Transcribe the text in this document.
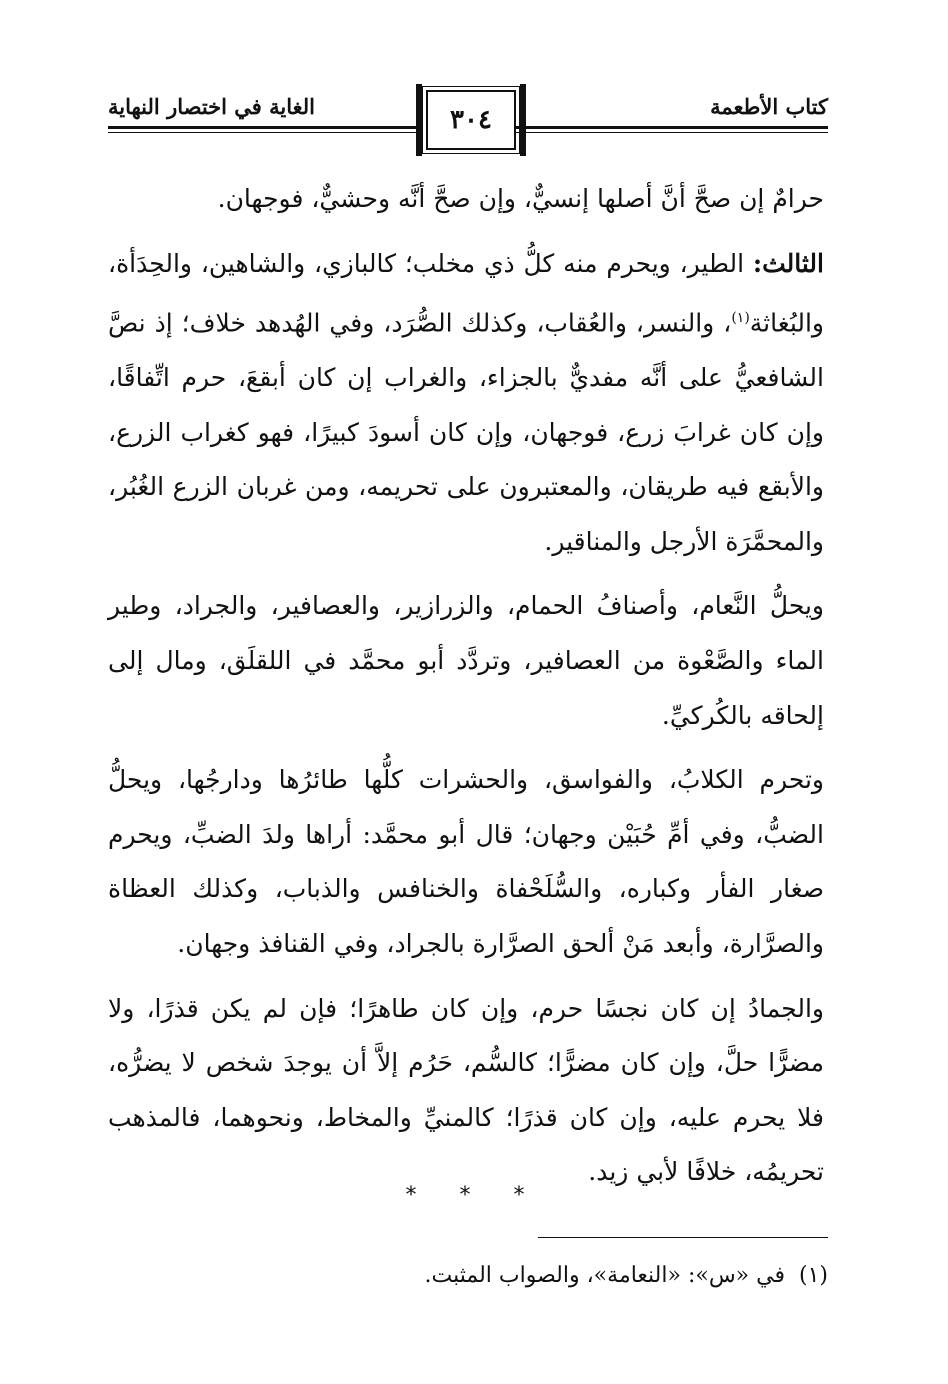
الغاية في اختصار النهاية	٣٠٤	كتاب الأطعمة

حرامٌ إن صحَّ أنَّ أصلها إنسيٌّ، وإن صحَّ أنَّه وحشيٌّ، فوجهان.

الثالث: الطير، ويحرم منه كلُّ ذي مخلب؛ كالبازي، والشاهين، والحِدَأة، والبُغاثة$^{(١)}$، والنسر، والعُقاب، وكذلك الصُّرَد، وفي الهُدهد خلاف؛ إذ نصَّ الشافعيُّ على أنَّه مفديٌّ بالجزاء، والغراب إن كان أبقعَ، حرم اتِّفاقًا، وإن كان غرابَ زرع، فوجهان، وإن كان أسودَ كبيرًا، فهو كغراب الزرع، والأبقع فيه طريقان، والمعتبرون على تحريمه، ومن غربان الزرع الغُبُر، والمحمَّرَة الأرجل والمناقير.

ويحلُّ النَّعام، وأصنافُ الحمام، والزرازير، والعصافير، والجراد، وطير الماء والصَّعْوة من العصافير، وتردَّد أبو محمَّد في اللقلَق، ومال إلى إلحاقه بالكُركيِّ.

وتحرم الكلابُ، والفواسق، والحشرات كلُّها طائرُها ودارجُها، ويحلُّ الضبُّ، وفي أمِّ حُبَيْن وجهان؛ قال أبو محمَّد: أراها ولدَ الضبِّ، ويحرم صغار الفأر وكباره، والسُّلَحْفاة والخنافس والذباب، وكذلك العظاة والصرَّارة، وأبعد مَنْ ألحق الصرَّارة بالجراد، وفي القنافذ وجهان.

والجمادُ إن كان نجسًا حرم، وإن كان طاهرًا؛ فإن لم يكن قذرًا، ولا مضرًّا حلَّ، وإن كان مضرًّا؛ كالسُّم، حَرُم إلاَّ أن يوجدَ شخص لا يضرُّه، فلا يحرم عليه، وإن كان قذرًا؛ كالمنيِّ والمخاط، ونحوهما، فالمذهب تحريمُه، خلافًا لأبي زيد.

* * *
(١)في «س»: «النعامة»، والصواب المثبت.
